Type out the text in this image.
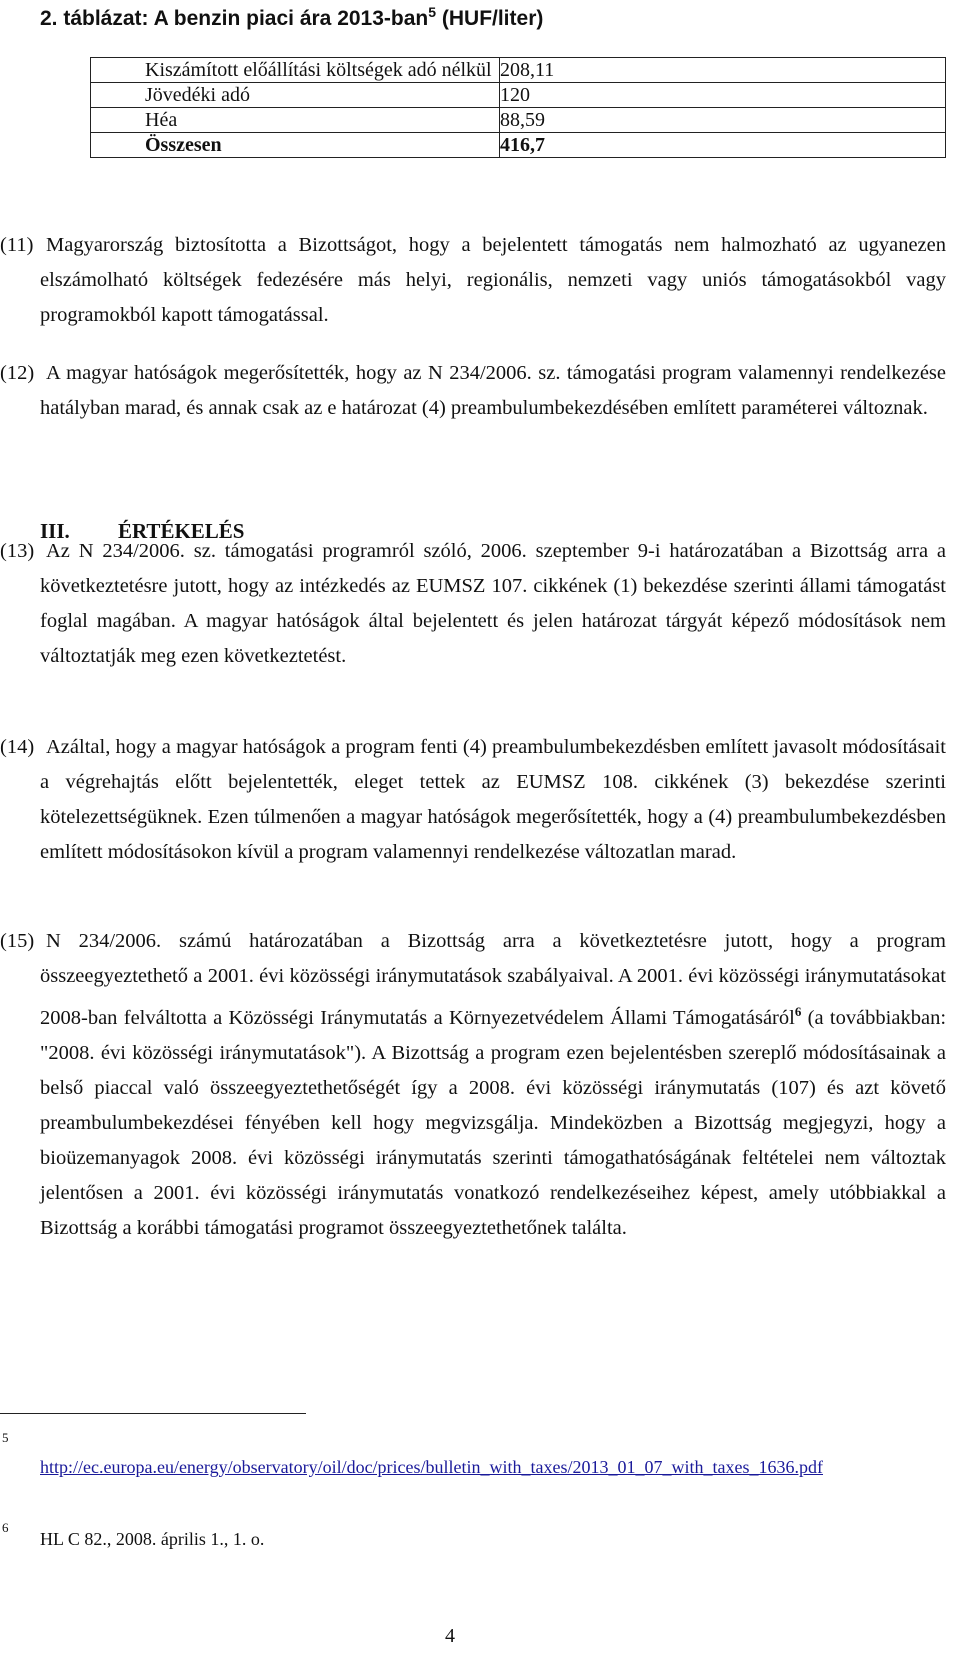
2. táblázat: A benzin piaci ára 2013-ban$^5$ (HUF/liter)
Kiszámított előállítási költségek adó nélkül	208,11
Jövedéki adó	120
Héa	88,59
Összesen	416,7
(11) Magyarország biztosította a Bizottságot, hogy a bejelentett támogatás nem halmozható az ugyanezen elszámolható költségek fedezésére más helyi, regionális, nemzeti vagy uniós támogatásokból vagy programokból kapott támogatással.
(12) A magyar hatóságok megerősítették, hogy az N 234/2006. sz. támogatási program valamennyi rendelkezése hatályban marad, és annak csak az e határozat (4) preambulumbekezdésében említett paraméterei változnak.
III. ÉRTÉKELÉS
(13) Az N 234/2006. sz. támogatási programról szóló, 2006. szeptember 9-i határozatában a Bizottság arra a következtetésre jutott, hogy az intézkedés az EUMSZ 107. cikkének (1) bekezdése szerinti állami támogatást foglal magában. A magyar hatóságok által bejelentett és jelen határozat tárgyát képező módosítások nem változtatják meg ezen következtetést.
(14) Azáltal, hogy a magyar hatóságok a program fenti (4) preambulumbekezdésben említett javasolt módosításait a végrehajtás előtt bejelentették, eleget tettek az EUMSZ 108. cikkének (3) bekezdése szerinti kötelezettségüknek. Ezen túlmenően a magyar hatóságok megerősítették, hogy a (4) preambulumbekezdésben említett módosításokon kívül a program valamennyi rendelkezése változatlan marad.
(15) N 234/2006. számú határozatában a Bizottság arra a következtetésre jutott, hogy a program összeegyeztethető a 2001. évi közösségi iránymutatások szabályaival. A 2001. évi közösségi iránymutatásokat 2008-ban felváltotta a Közösségi Iránymutatás a Környezetvédelem Állami Támogatásáról$^6$ (a továbbiakban: "2008. évi közösségi iránymutatások"). A Bizottság a program ezen bejelentésben szereplő módosításainak a belső piaccal való összeegyeztethetőségét így a 2008. évi közösségi iránymutatás (107) és azt követő preambulumbekezdései fényében kell hogy megvizsgálja. Mindeközben a Bizottság megjegyzi, hogy a bioüzemanyagok 2008. évi közösségi iránymutatás szerinti támogathatóságának feltételei nem változtak jelentősen a 2001. évi közösségi iránymutatás vonatkozó rendelkezéseihez képest, amely utóbbiakkal a Bizottság a korábbi támogatási programot összeegyeztethetőnek találta.
5
http://ec.europa.eu/energy/observatory/oil/doc/prices/bulletin_with_taxes/2013_01_07_with_taxes_1636.pdf
6
HL C 82., 2008. április 1., 1. o.
4
